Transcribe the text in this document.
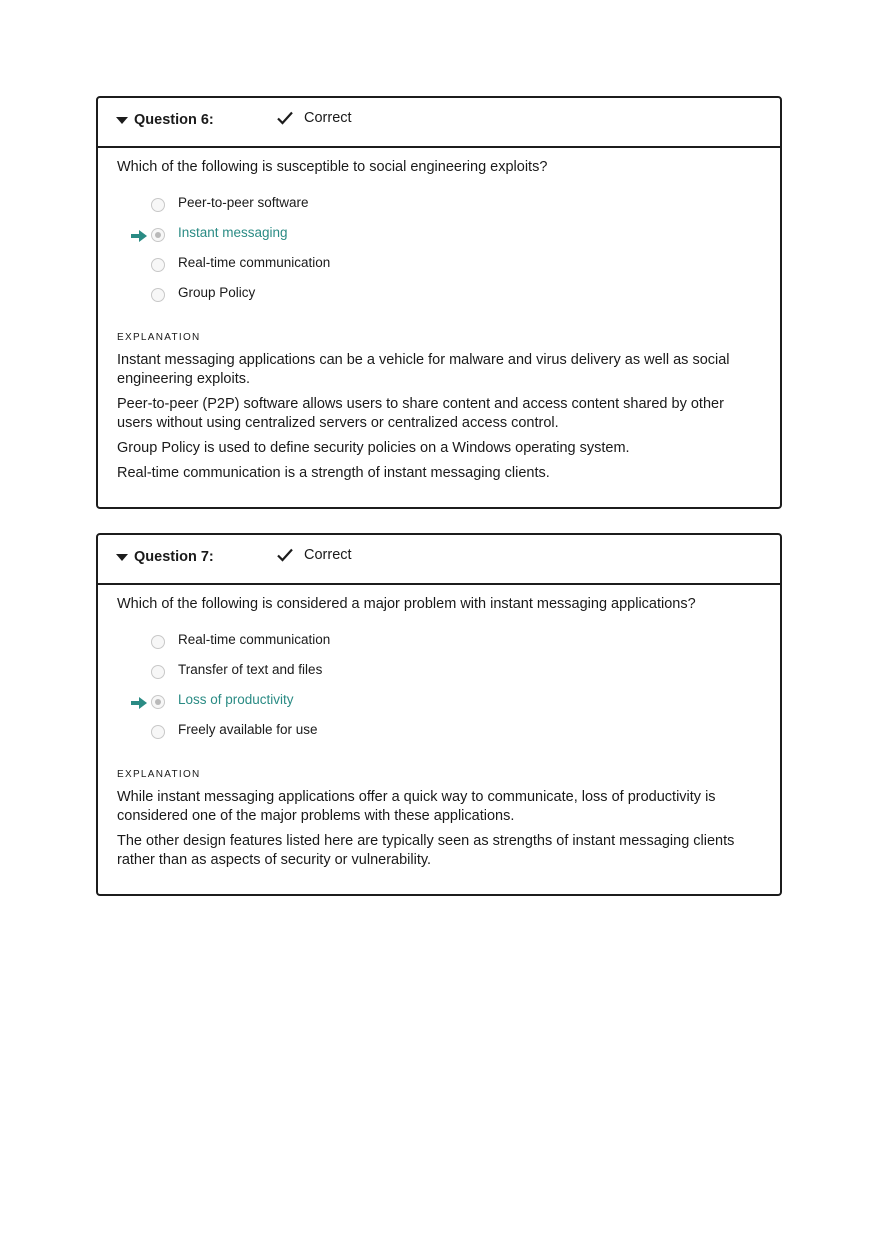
Question 6:	Correct

Which of the following is susceptible to social engineering exploits?

Peer-to-peer software
Instant messaging
Real-time communication
Group Policy
EXPLANATION

Instant messaging applications can be a vehicle for malware and virus delivery as well as social engineering exploits.

Peer-to-peer (P2P) software allows users to share content and access content shared by other users without using centralized servers or centralized access control.

Group Policy is used to define security policies on a Windows operating system.

Real-time communication is a strength of instant messaging clients.

Question 7:	Correct

Which of the following is considered a major problem with instant messaging applications?

Real-time communication
Transfer of text and files
Loss of productivity
Freely available for use
EXPLANATION

While instant messaging applications offer a quick way to communicate, loss of productivity is considered one of the major problems with these applications.

The other design features listed here are typically seen as strengths of instant messaging clients rather than as aspects of security or vulnerability.
